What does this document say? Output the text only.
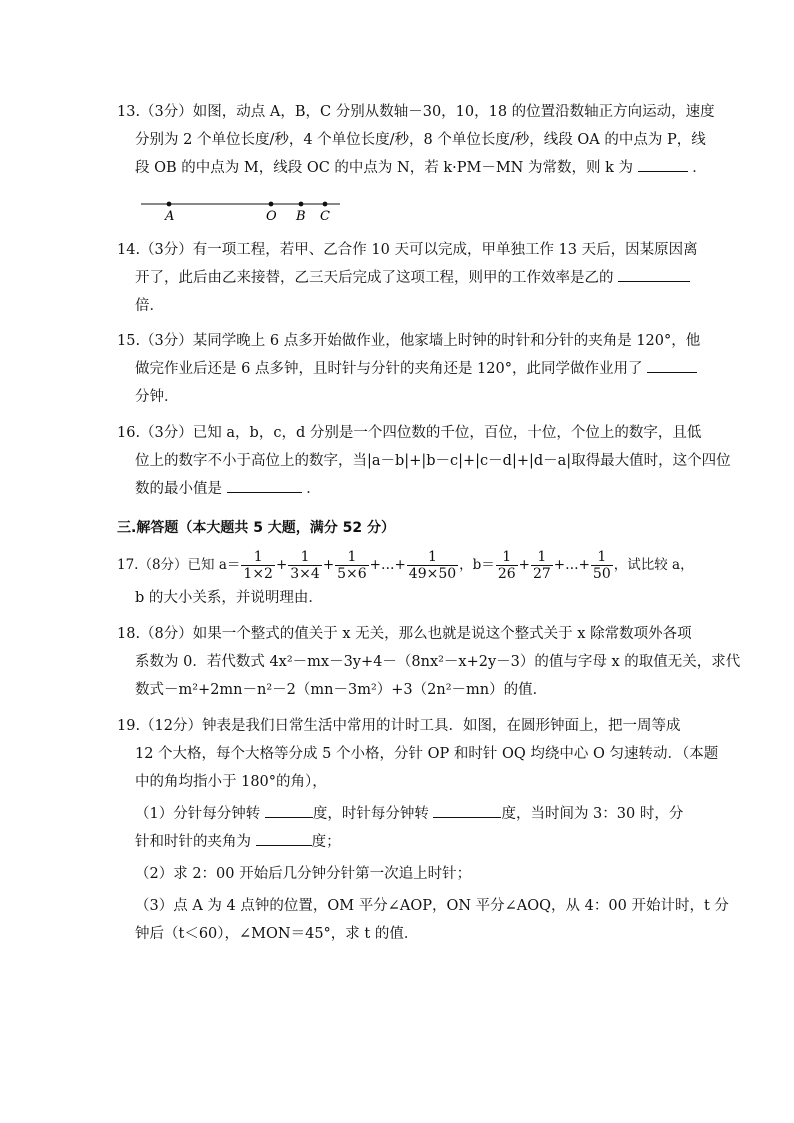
13.（3分）如图，动点 A，B，C 分别从数轴－30，10，18 的位置沿数轴正方向运动，速度
分别为 2 个单位长度/秒，4 个单位长度/秒，8 个单位长度/秒，线段 OA 的中点为 P，线
段 OB 的中点为 M，线段 OC 的中点为 N，若 k·PM－MN 为常数，则 k 为	．
A	O B C
14.（3分）有一项工程，若甲、乙合作 10 天可以完成，甲单独工作 13 天后，因某原因离
开了，此后由乙来接替，乙三天后完成了这项工程，则甲的工作效率是乙的
倍．
15.（3分）某同学晚上 6 点多开始做作业，他家墙上时钟的时针和分针的夹角是 120°，他
做完作业后还是 6 点多钟，且时针与分针的夹角还是 120°，此同学做作业用了
分钟．
16.（3分）已知 a，b，c，d 分别是一个四位数的千位，百位，十位，个位上的数字，且低
位上的数字不小于高位上的数字，当|a－b|+|b－c|+|c－d|+|d－a|取得最大值时，这个四位
数的最小值是	．
三.解答题（本大题共 5 大题，满分 52 分）
17.（8分）已知 $a= \frac{1}{1\times 2} + \frac{1}{3\times 4} + \frac{1}{5\times 6}$ +…+ $\frac{1}{49\times 50}$ ，$b= \frac{1}{26} + \frac{1}{27}$ +…+ $\frac{1}{50}$ ，试比较 a，
b 的大小关系，并说明理由．
18.（8分）如果一个整式的值关于 x 无关，那么也就是说这个整式关于 x 除常数项外各项
系数为 0．若代数式 4x²－mx－3y+4－（8nx²－x+2y－3）的值与字母 x 的取值无关，求代
数式－m²+2mn－n²－2（mn－3m²）+3（2n²－mn）的值．
19.（12分）钟表是我们日常生活中常用的计时工具．如图，在圆形钟面上，把一周等成
12 个大格，每个大格等分成 5 个小格，分针 OP 和时针 OQ 均绕中心 O 匀速转动．（本题
中的角均指小于 180°的角），
（1）分针每分钟转	度，时针每分钟转	度，当时间为 3：30 时，分
针和时针的夹角为	度；
（2）求 2：00 开始后几分钟分针第一次追上时针；
（3）点 A 为 4 点钟的位置，OM 平分∠AOP，ON 平分∠AOQ，从 4：00 开始计时，t 分
钟后（t＜60），∠MON＝45°，求 t 的值．
